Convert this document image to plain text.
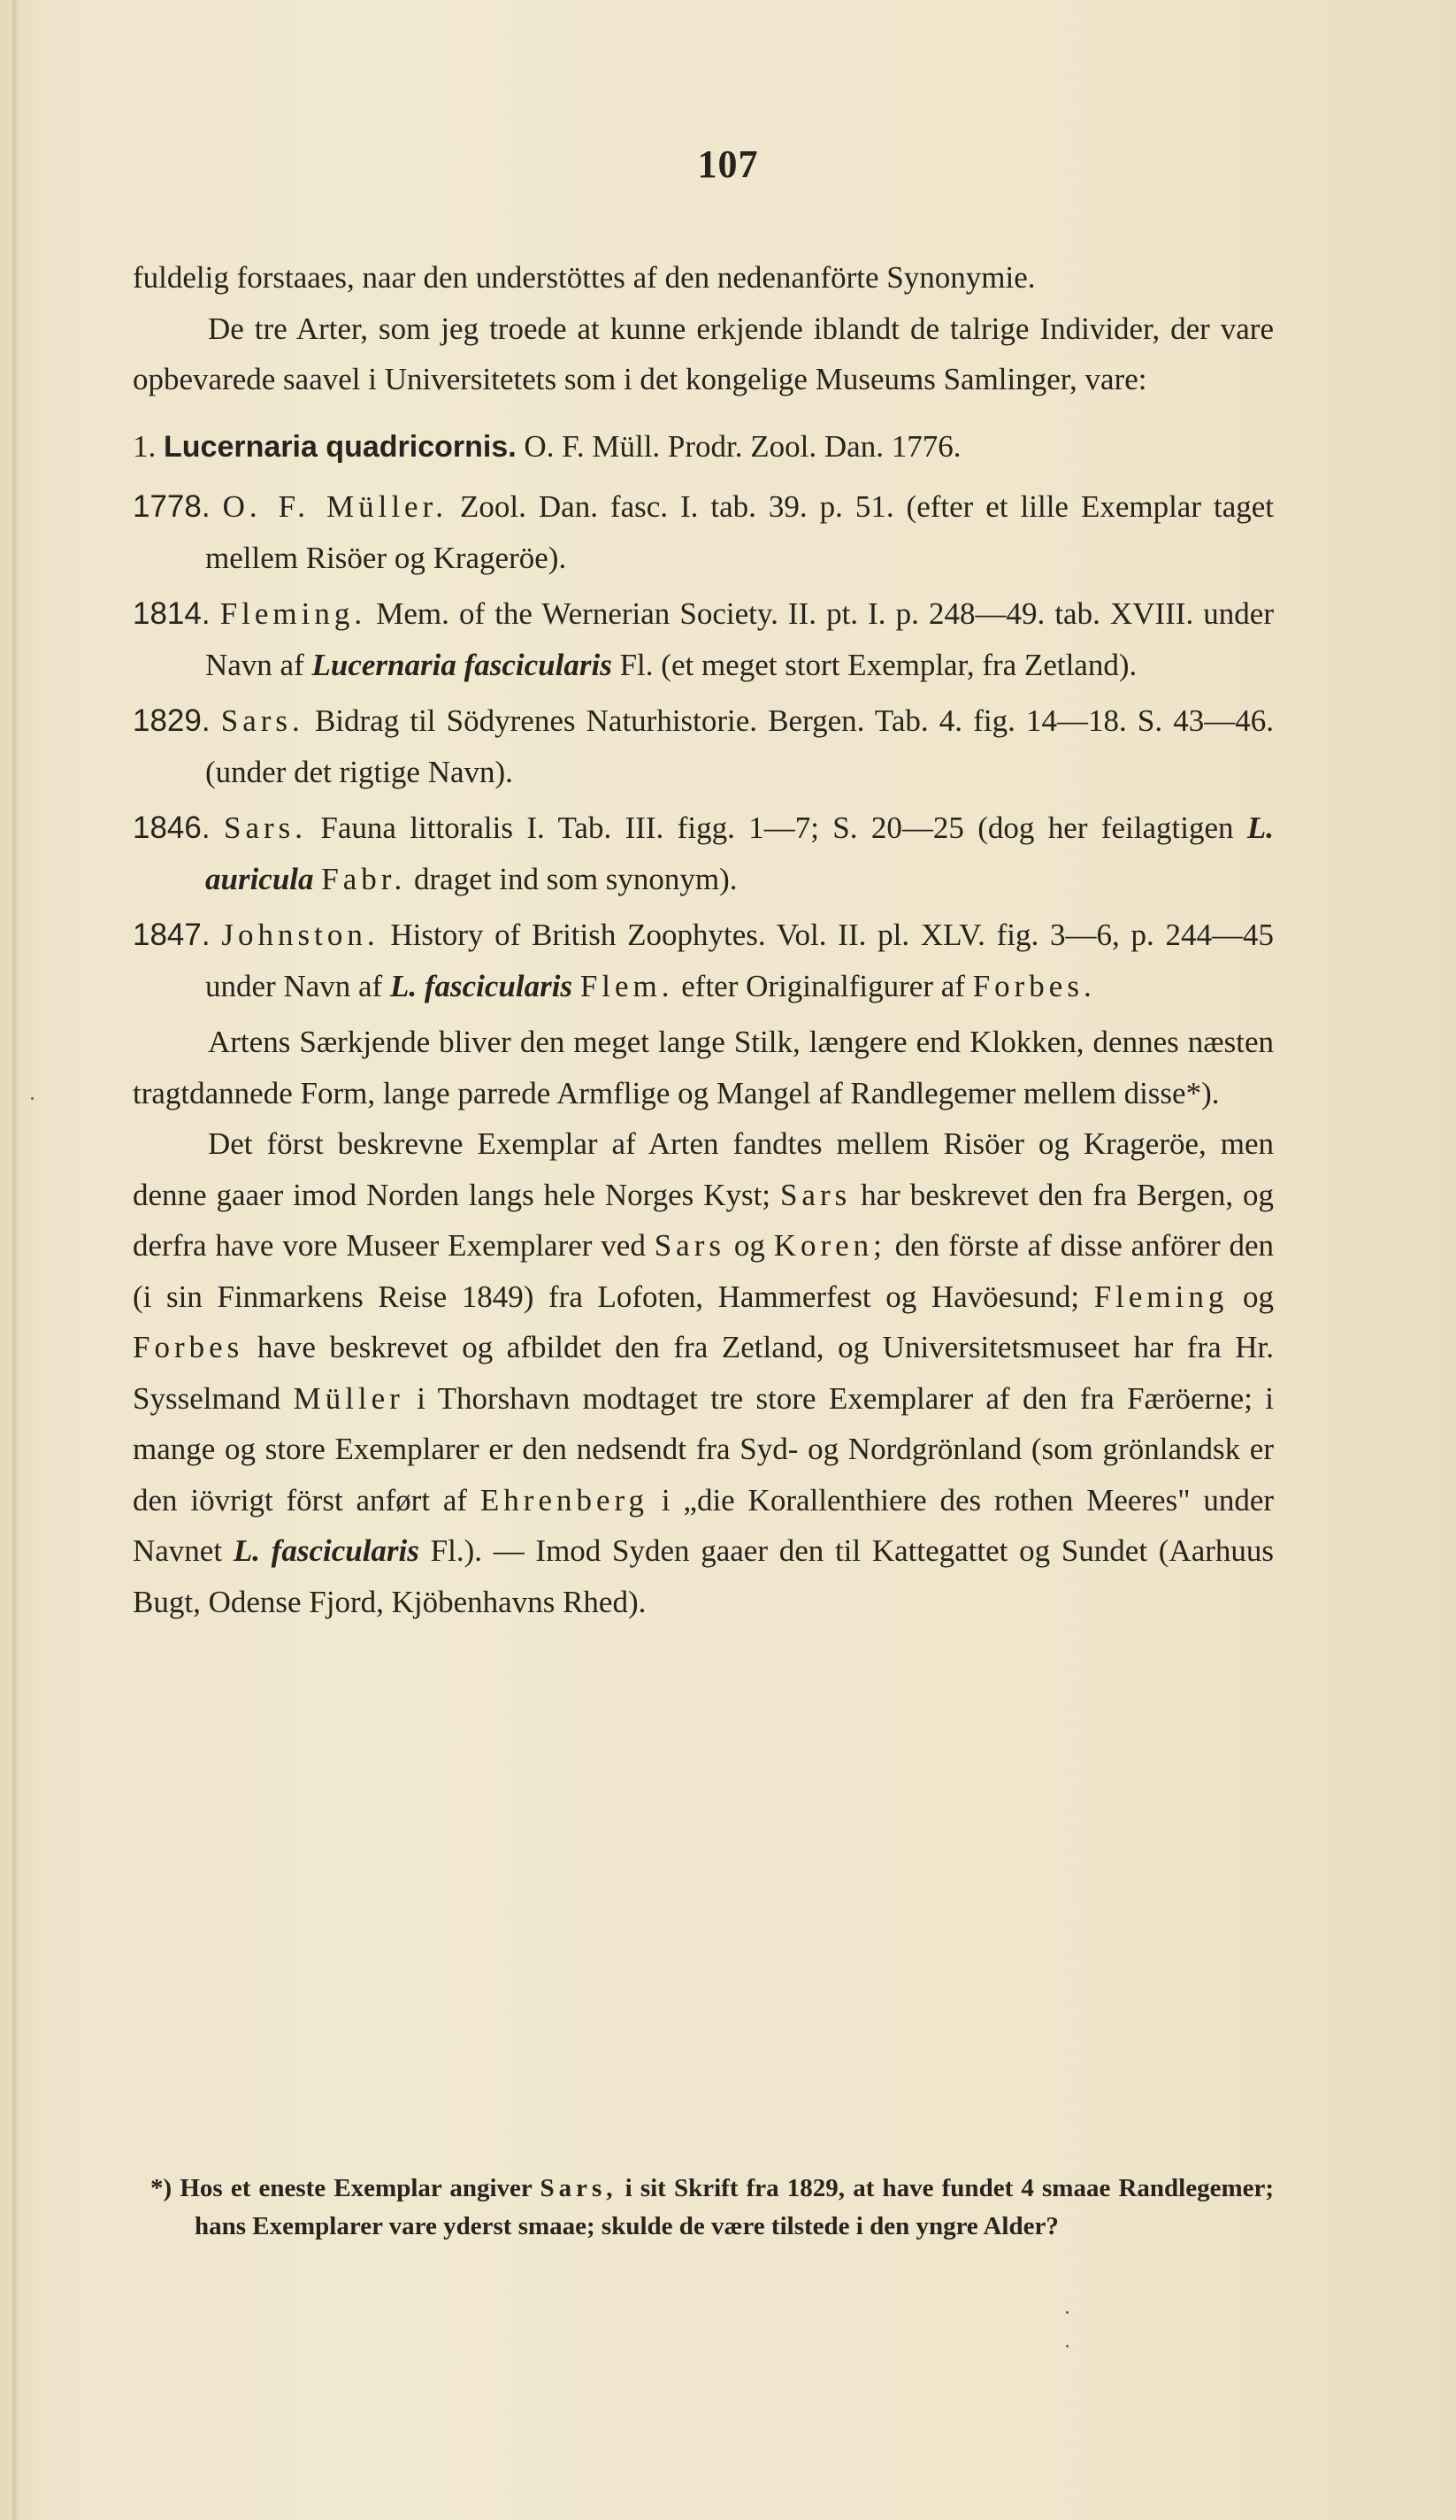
107

fuldelig forstaaes, naar den understöttes af den nedenanförte Synonymie.

De tre Arter, som jeg troede at kunne erkjende iblandt de talrige Individer, der vare opbevarede saavel i Universitetets som i det kongelige Museums Samlinger, vare:

1. Lucernaria quadricornis. O. F. Müll. Prodr. Zool. Dan. 1776.

1778. O. F. Müller. Zool. Dan. fasc. I. tab. 39. p. 51. (efter et lille Exemplar taget mellem Risöer og Krageröe).

1814. Fleming. Mem. of the Wernerian Society. II. pt. I. p. 248—49. tab. XVIII. under Navn af Lucernaria fascicularis Fl. (et meget stort Exemplar, fra Zetland).

1829. Sars. Bidrag til Södyrenes Naturhistorie. Bergen. Tab. 4. fig. 14—18. S. 43—46. (under det rigtige Navn).

1846. Sars. Fauna littoralis I. Tab. III. figg. 1—7; S. 20—25 (dog her feilagtigen L. auricula Fabr. draget ind som synonym).

1847. Johnston. History of British Zoophytes. Vol. II. pl. XLV. fig. 3—6, p. 244—45 under Navn af L. fascicularis Flem. efter Originalfigurer af Forbes.

Artens Særkjende bliver den meget lange Stilk, længere end Klokken, dennes næsten tragtdannede Form, lange parrede Armflige og Mangel af Randlegemer mellem disse*).

Det först beskrevne Exemplar af Arten fandtes mellem Risöer og Krageröe, men denne gaaer imod Norden langs hele Norges Kyst; Sars har beskrevet den fra Bergen, og derfra have vore Museer Exemplarer ved Sars og Koren; den förste af disse anförer den (i sin Finmarkens Reise 1849) fra Lofoten, Hammerfest og Havöesund; Fleming og Forbes have beskrevet og afbildet den fra Zetland, og Universitetsmuseet har fra Hr. Sysselmand Müller i Thorshavn modtaget tre store Exemplarer af den fra Færöerne; i mange og store Exemplarer er den nedsendt fra Syd- og Nordgrönland (som grönlandsk er den iövrigt först anført af Ehrenberg i „die Korallenthiere des rothen Meeres" under Navnet L. fascicularis Fl.). — Imod Syden gaaer den til Kattegattet og Sundet (Aarhuus Bugt, Odense Fjord, Kjöbenhavns Rhed).

*) Hos et eneste Exemplar angiver Sars, i sit Skrift fra 1829, at have fundet 4 smaae Randlegemer; hans Exemplarer vare yderst smaae; skulde de være tilstede i den yngre Alder?
